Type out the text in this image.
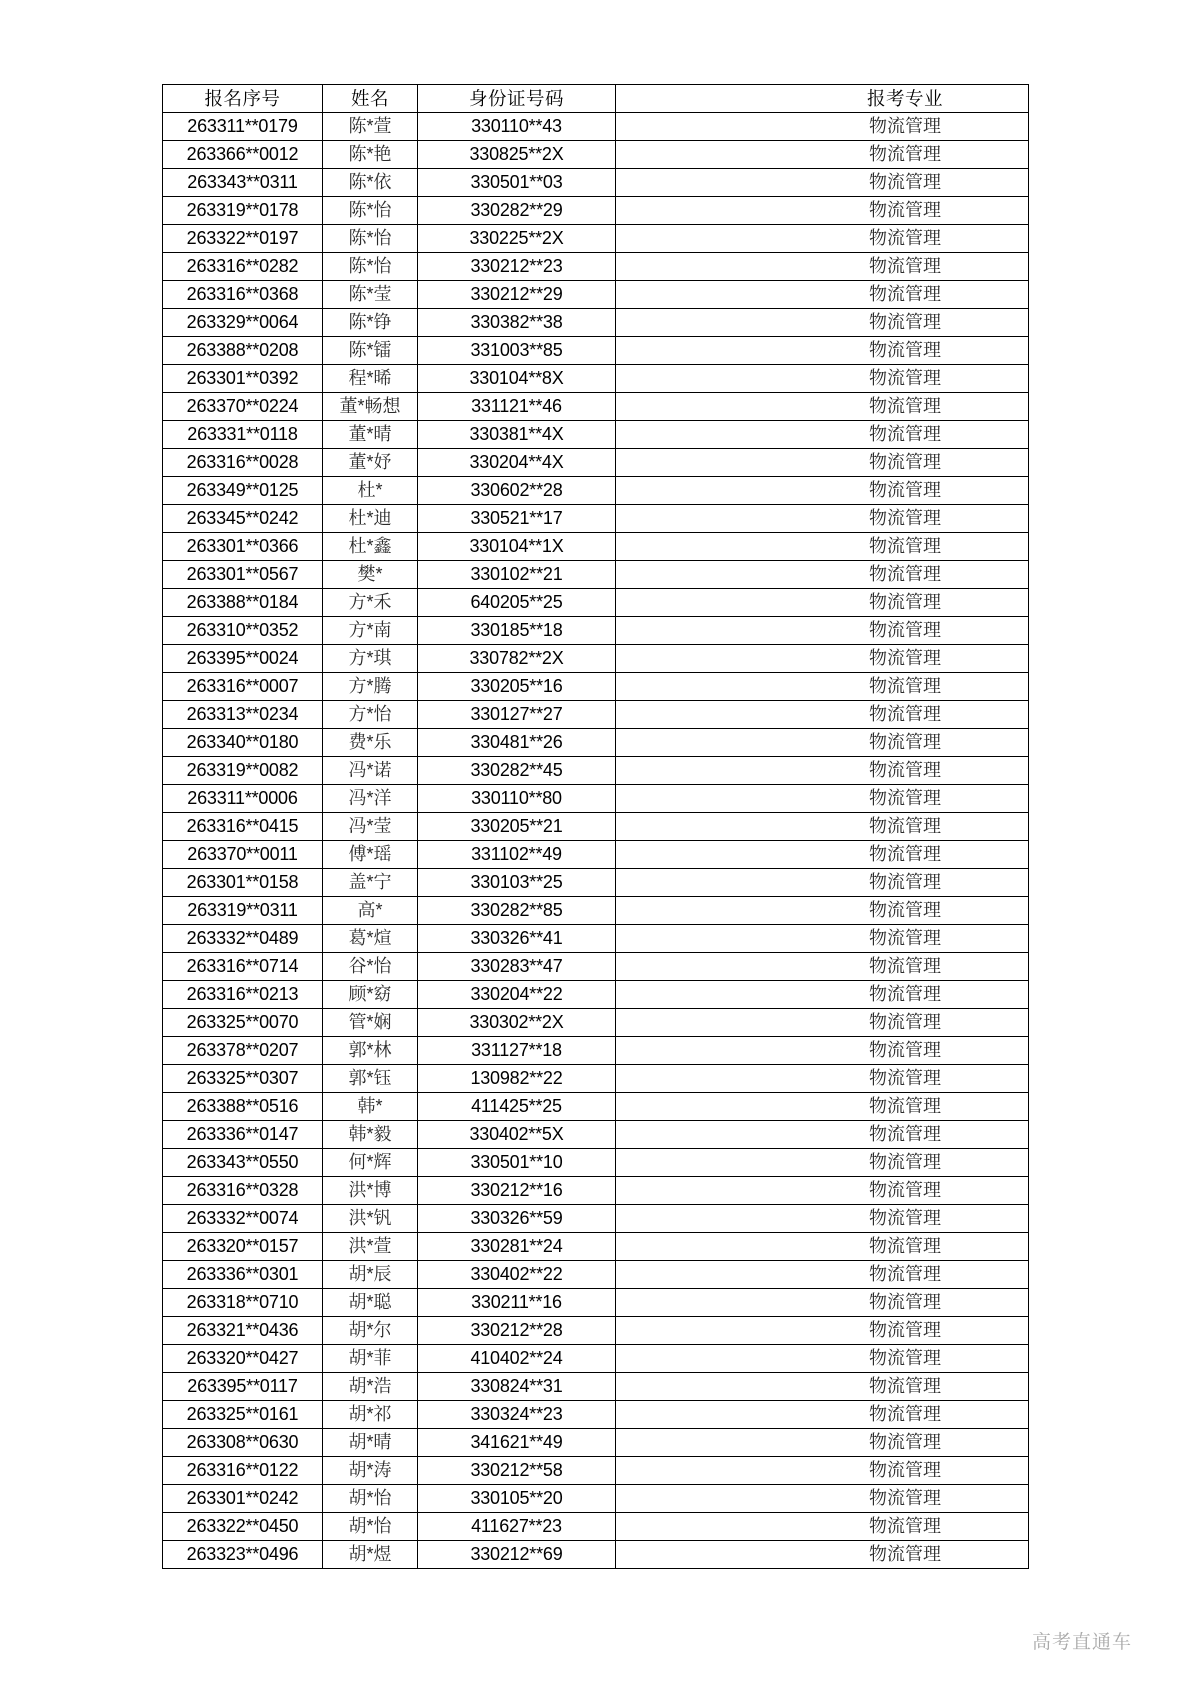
报名序号	姓名	身份证号码	报考专业
263311**0179	陈*萱	330110**43	物流管理
263366**0012	陈*艳	330825**2X	物流管理
263343**0311	陈*依	330501**03	物流管理
263319**0178	陈*怡	330282**29	物流管理
263322**0197	陈*怡	330225**2X	物流管理
263316**0282	陈*怡	330212**23	物流管理
263316**0368	陈*莹	330212**29	物流管理
263329**0064	陈*铮	330382**38	物流管理
263388**0208	陈*镭	331003**85	物流管理
263301**0392	程*晞	330104**8X	物流管理
263370**0224	董*畅想	331121**46	物流管理
263331**0118	董*晴	330381**4X	物流管理
263316**0028	董*妤	330204**4X	物流管理
263349**0125	杜*	330602**28	物流管理
263345**0242	杜*迪	330521**17	物流管理
263301**0366	杜*鑫	330104**1X	物流管理
263301**0567	樊*	330102**21	物流管理
263388**0184	方*禾	640205**25	物流管理
263310**0352	方*南	330185**18	物流管理
263395**0024	方*琪	330782**2X	物流管理
263316**0007	方*腾	330205**16	物流管理
263313**0234	方*怡	330127**27	物流管理
263340**0180	费*乐	330481**26	物流管理
263319**0082	冯*诺	330282**45	物流管理
263311**0006	冯*洋	330110**80	物流管理
263316**0415	冯*莹	330205**21	物流管理
263370**0011	傅*瑶	331102**49	物流管理
263301**0158	盖*宁	330103**25	物流管理
263319**0311	高*	330282**85	物流管理
263332**0489	葛*煊	330326**41	物流管理
263316**0714	谷*怡	330283**47	物流管理
263316**0213	顾*窈	330204**22	物流管理
263325**0070	管*娴	330302**2X	物流管理
263378**0207	郭*林	331127**18	物流管理
263325**0307	郭*钰	130982**22	物流管理
263388**0516	韩*	411425**25	物流管理
263336**0147	韩*毅	330402**5X	物流管理
263343**0550	何*辉	330501**10	物流管理
263316**0328	洪*博	330212**16	物流管理
263332**0074	洪*钒	330326**59	物流管理
263320**0157	洪*萱	330281**24	物流管理
263336**0301	胡*辰	330402**22	物流管理
263318**0710	胡*聪	330211**16	物流管理
263321**0436	胡*尔	330212**28	物流管理
263320**0427	胡*菲	410402**24	物流管理
263395**0117	胡*浩	330824**31	物流管理
263325**0161	胡*祁	330324**23	物流管理
263308**0630	胡*晴	341621**49	物流管理
263316**0122	胡*涛	330212**58	物流管理
263301**0242	胡*怡	330105**20	物流管理
263322**0450	胡*怡	411627**23	物流管理
263323**0496	胡*煜	330212**69	物流管理
高考直通车
